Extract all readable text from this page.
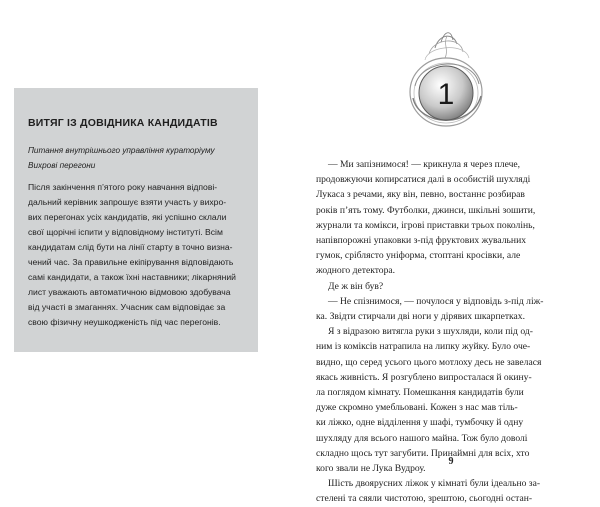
ВИТЯГ ІЗ ДОВІДНИКА КАНДИДАТІВ
Питання внутрішнього управління кураторіуму
Вихрові перегони
Після закінчення п’ятого року навчання відпові-
дальний керівник запрошує взяти участь у вихро-
вих перегонах усіх кандидатів, які успішно склали
свої щорічні іспити у відповідному інституті. Всім
кандидатам слід бути на лінії старту в точно визна-
чений час. За правильне екіпірування відповідають
самі кандидати, а також їхні наставники; лікарняний
лист уважають автоматичною відмовою здобувача
від участі в змаганнях. Учасник сам відповідає за
свою фізичну неушкодженість під час перегонів.
1
— Ми запізнимося! — крикнула я через плече,
продовжуючи копирсатися далі в особистій шухляді
Лукаса з речами, яку він, певно, востаннє розбирав
років п’ять тому. Футболки, джинси, шкільні зошити,
журнали та комікси, ігрові приставки трьох поколінь,
напівпорожні упаковки з-під фруктових жувальних
гумок, сріблясто уніформа, стоптані кросівки, але
жодного детектора.
Де ж він був?
— Не спізнимося, — почулося у відповідь з-під ліж-
ка. Звідти стирчали дві ноги у дірявих шкарпетках.
Я з відразою витягла руки з шухляди, коли під од-
ним із коміксів натрапила на липку жуйку. Було оче-
видно, що серед усього цього мотлоху десь не завелася
якась живність. Я розгублено випросталася й окину-
ла поглядом кімнату. Помешкання кандидатів були
дуже скромно умебльовані. Кожен з нас мав тіль-
ки ліжко, одне відділення у шафі, тумбочку й одну
шухляду для всього нашого майна. Тож було доволі
складно щось тут загубити. Принаймні для всіх, хто
кого звали не Лука Вудроу.
Шість двоярусних ліжок у кімнаті були ідеально за-
стелені та сяяли чистотою, зрештою, сьогодні остан-
9
